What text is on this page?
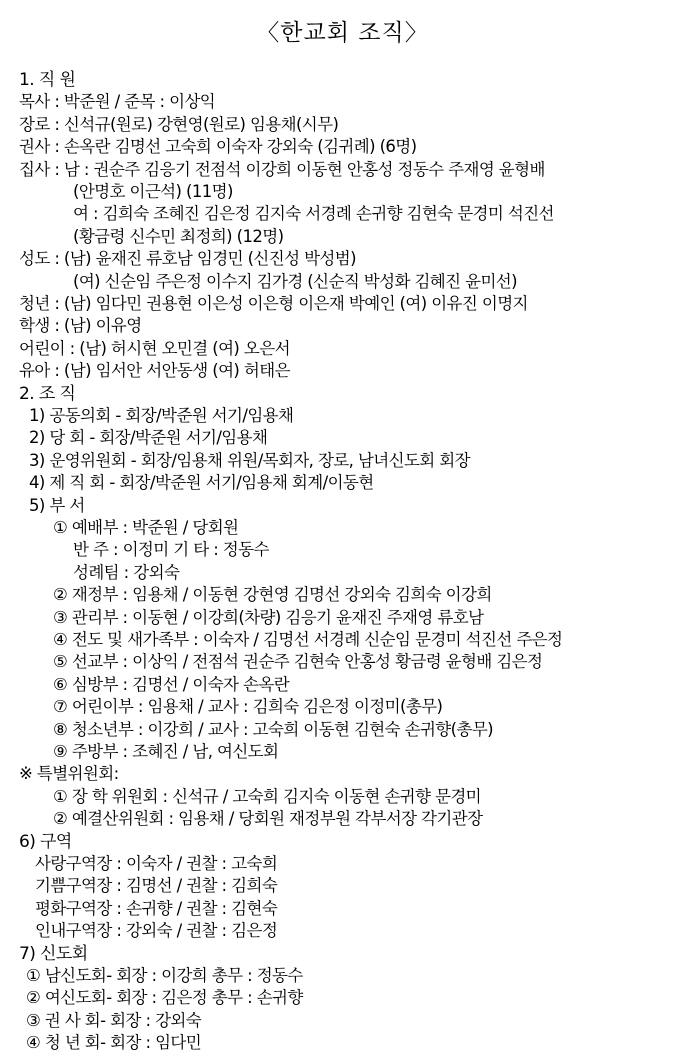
〈한교회 조직〉
1. 직 원
목사 : 박준원 / 준목 : 이상익
장로 : 신석규(원로) 강현영(원로) 임용채(시무)
권사 : 손옥란 김명선 고숙희 이숙자 강외숙 (김귀례) (6명)
집사 : 남 : 권순주 김응기 전점석 이강희 이동현 안홍성 정동수 주재영 윤형배
(안명호 이근석) (11명)
여 : 김희숙 조혜진 김은정 김지숙 서경례 손귀향 김현숙 문경미 석진선
(황금령 신수민 최정희) (12명)
성도 : (남) 윤재진 류호남 임경민 (신진성 박성범)
(여) 신순임 주은정 이수지 김가경 (신순직 박성화 김혜진 윤미선)
청년 : (남) 임다민 권용현 이은성 이은형 이은재 박예인 (여) 이유진 이명지
학생 : (남) 이유영
어린이 : (남) 허시현 오민결 (여) 오은서
유아 : (남) 임서안 서안동생 (여) 허태은
2. 조 직
1) 공동의회 - 회장/박준원 서기/임용채
2) 당 회 - 회장/박준원 서기/임용채
3) 운영위원회 - 회장/임용채 위원/목회자, 장로, 남녀신도회 회장
4) 제 직 회 - 회장/박준원 서기/임용채 회계/이동현
5) 부 서
① 예배부 : 박준원 / 당회원
반 주 : 이정미 기 타 : 정동수
성례팀 : 강외숙
② 재정부 : 임용채 / 이동현 강현영 김명선 강외숙 김희숙 이강희
③ 관리부 : 이동현 / 이강희(차량) 김응기 윤재진 주재영 류호남
④ 전도 및 새가족부 : 이숙자 / 김명선 서경례 신순임 문경미 석진선 주은정
⑤ 선교부 : 이상익 / 전점석 권순주 김현숙 안홍성 황금령 윤형배 김은정
⑥ 심방부 : 김명선 / 이숙자 손옥란
⑦ 어린이부 : 임용채 / 교사 : 김희숙 김은정 이정미(총무)
⑧ 청소년부 : 이강희 / 교사 : 고숙희 이동현 김현숙 손귀향(총무)
⑨ 주방부 : 조혜진 / 남, 여신도회
※ 특별위원회:
① 장 학 위원회 : 신석규 / 고숙희 김지숙 이동현 손귀향 문경미
② 예결산위원회 : 임용채 / 당회원 재정부원 각부서장 각기관장
6) 구역
사랑구역장 : 이숙자 / 권찰 : 고숙희
기쁨구역장 : 김명선 / 권찰 : 김희숙
평화구역장 : 손귀향 / 권찰 : 김현숙
인내구역장 : 강외숙 / 권찰 : 김은정
7) 신도회
① 남신도회- 회장 : 이강희 총무 : 정동수
② 여신도회- 회장 : 김은정 총무 : 손귀향
③ 권 사 회- 회장 : 강외숙
④ 청 년 회- 회장 : 임다민
